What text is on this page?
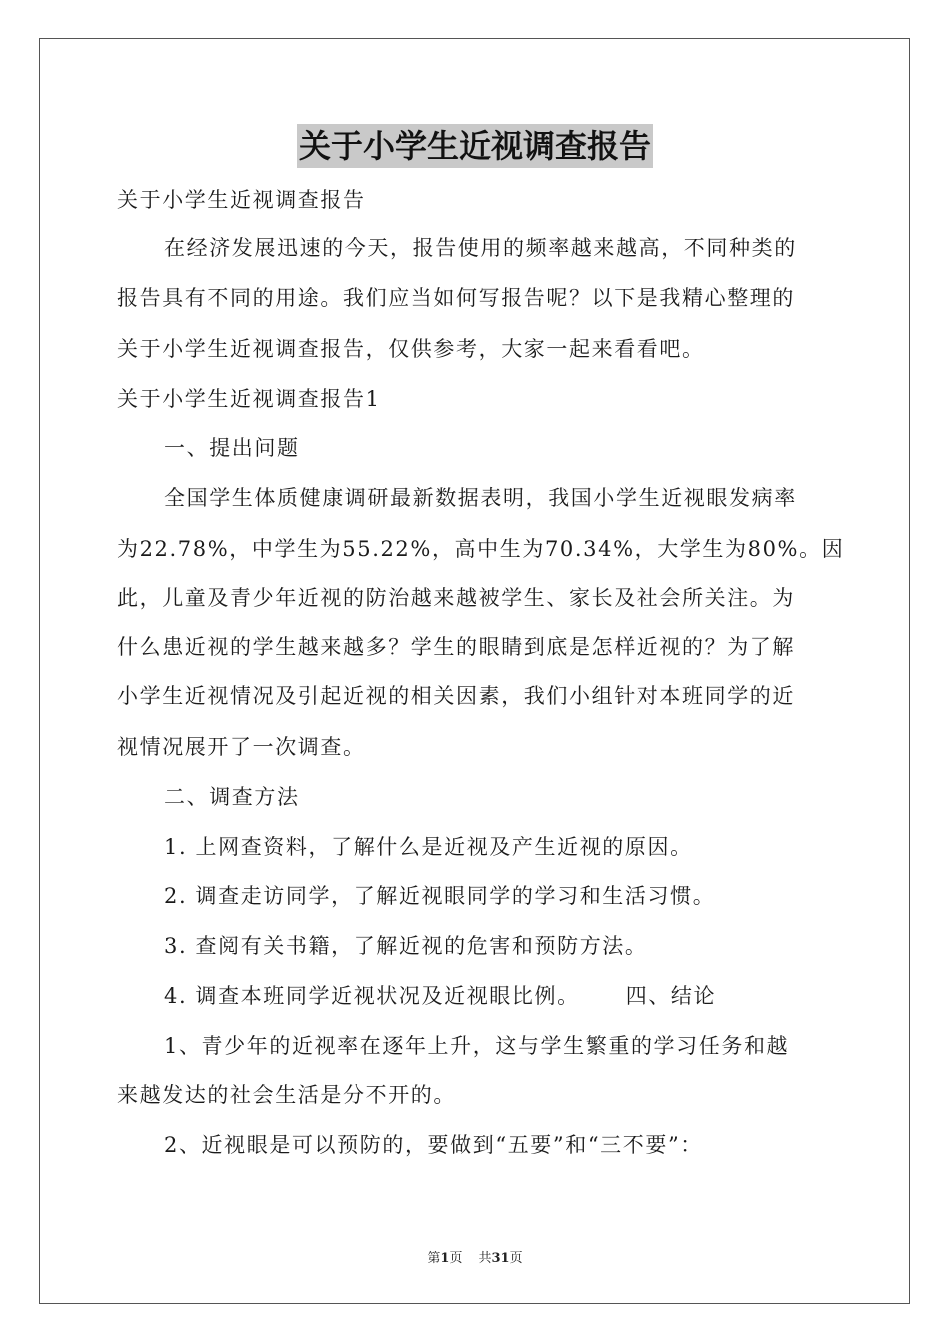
关于小学生近视调查报告
关于小学生近视调查报告
在经济发展迅速的今天，报告使用的频率越来越高，不同种类的
报告具有不同的用途。我们应当如何写报告呢？以下是我精心整理的
关于小学生近视调查报告，仅供参考，大家一起来看看吧。
关于小学生近视调查报告1
一、提出问题
全国学生体质健康调研最新数据表明，我国小学生近视眼发病率
为22.78%，中学生为55.22%，高中生为70.34%，大学生为80%。因
此，儿童及青少年近视的防治越来越被学生、家长及社会所关注。为
什么患近视的学生越来越多？学生的眼睛到底是怎样近视的？为了解
小学生近视情况及引起近视的相关因素，我们小组针对本班同学的近
视情况展开了一次调查。
二、调查方法
1. 上网查资料，了解什么是近视及产生近视的原因。
2. 调查走访同学，了解近视眼同学的学习和生活习惯。
3. 查阅有关书籍，了解近视的危害和预防方法。
4. 调查本班同学近视状况及近视眼比例。 四、结论
1、青少年的近视率在逐年上升，这与学生繁重的学习任务和越
来越发达的社会生活是分不开的。
2、近视眼是可以预防的，要做到“五要”和“三不要”：
第1页 共31页
